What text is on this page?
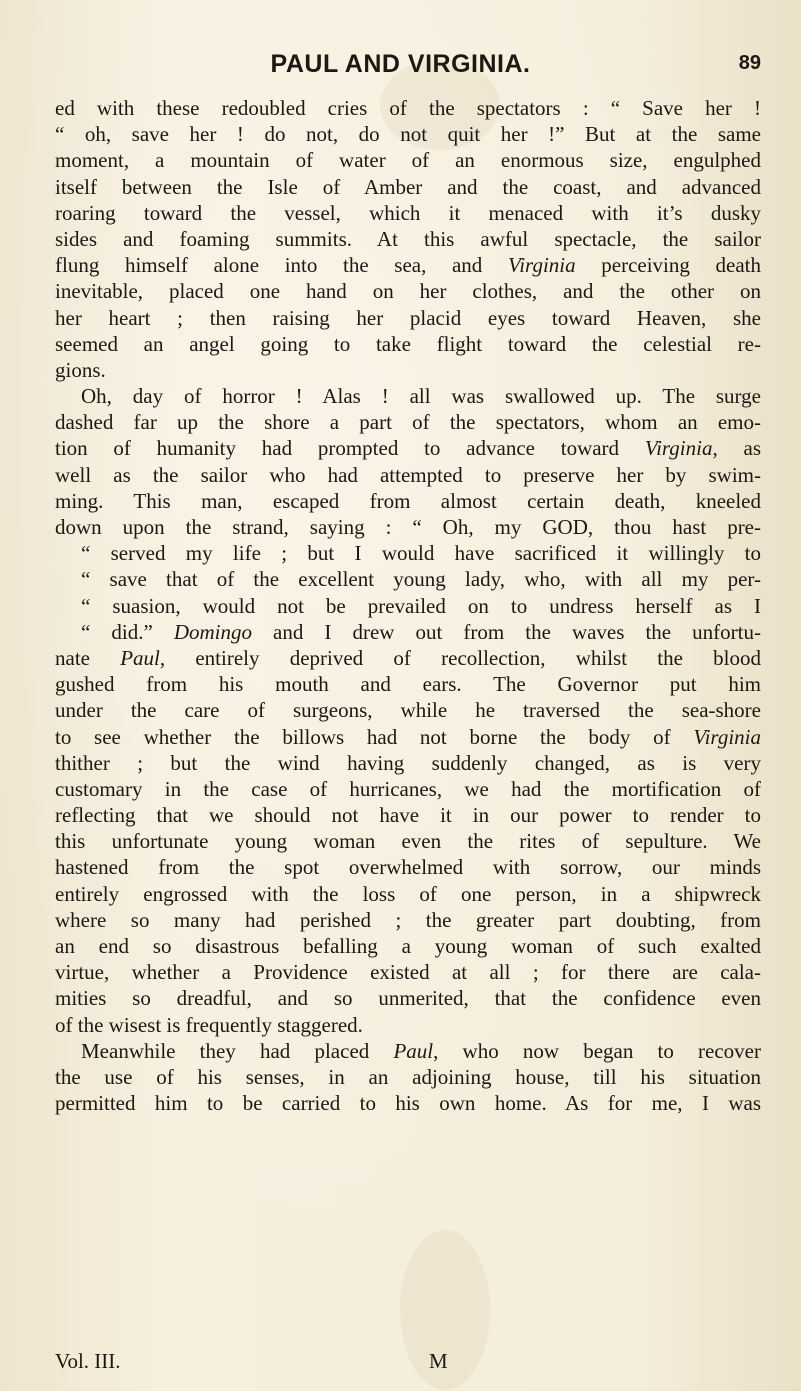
PAUL AND VIRGINIA.	89
ed with these redoubled cries of the spectators : “ Save her !
“ oh, save her ! do not, do not quit her !” But at the same
moment, a mountain of water of an enormous size, engulphed
itself between the Isle of Amber and the coast, and advanced
roaring toward the vessel, which it menaced with it’s dusky
sides and foaming summits. At this awful spectacle, the sailor
flung himself alone into the sea, and Virginia perceiving death
inevitable, placed one hand on her clothes, and the other on
her heart ; then raising her placid eyes toward Heaven, she
seemed an angel going to take flight toward the celestial re-
gions.
Oh, day of horror ! Alas ! all was swallowed up. The surge
dashed far up the shore a part of the spectators, whom an emo-
tion of humanity had prompted to advance toward Virginia, as
well as the sailor who had attempted to preserve her by swim-
ming. This man, escaped from almost certain death, kneeled
down upon the strand, saying : “ Oh, my GOD, thou hast pre-
“ served my life ; but I would have sacrificed it willingly to
“ save that of the excellent young lady, who, with all my per-
“ suasion, would not be prevailed on to undress herself as I
“ did.” Domingo and I drew out from the waves the unfortu-
nate Paul, entirely deprived of recollection, whilst the blood
gushed from his mouth and ears. The Governor put him
under the care of surgeons, while he traversed the sea-shore
to see whether the billows had not borne the body of Virginia
thither ; but the wind having suddenly changed, as is very
customary in the case of hurricanes, we had the mortification of
reflecting that we should not have it in our power to render to
this unfortunate young woman even the rites of sepulture. We
hastened from the spot overwhelmed with sorrow, our minds
entirely engrossed with the loss of one person, in a shipwreck
where so many had perished ; the greater part doubting, from
an end so disastrous befalling a young woman of such exalted
virtue, whether a Providence existed at all ; for there are cala-
mities so dreadful, and so unmerited, that the confidence even
of the wisest is frequently staggered.
Meanwhile they had placed Paul, who now began to recover
the use of his senses, in an adjoining house, till his situation
permitted him to be carried to his own home. As for me, I was
Vol. III.	M
